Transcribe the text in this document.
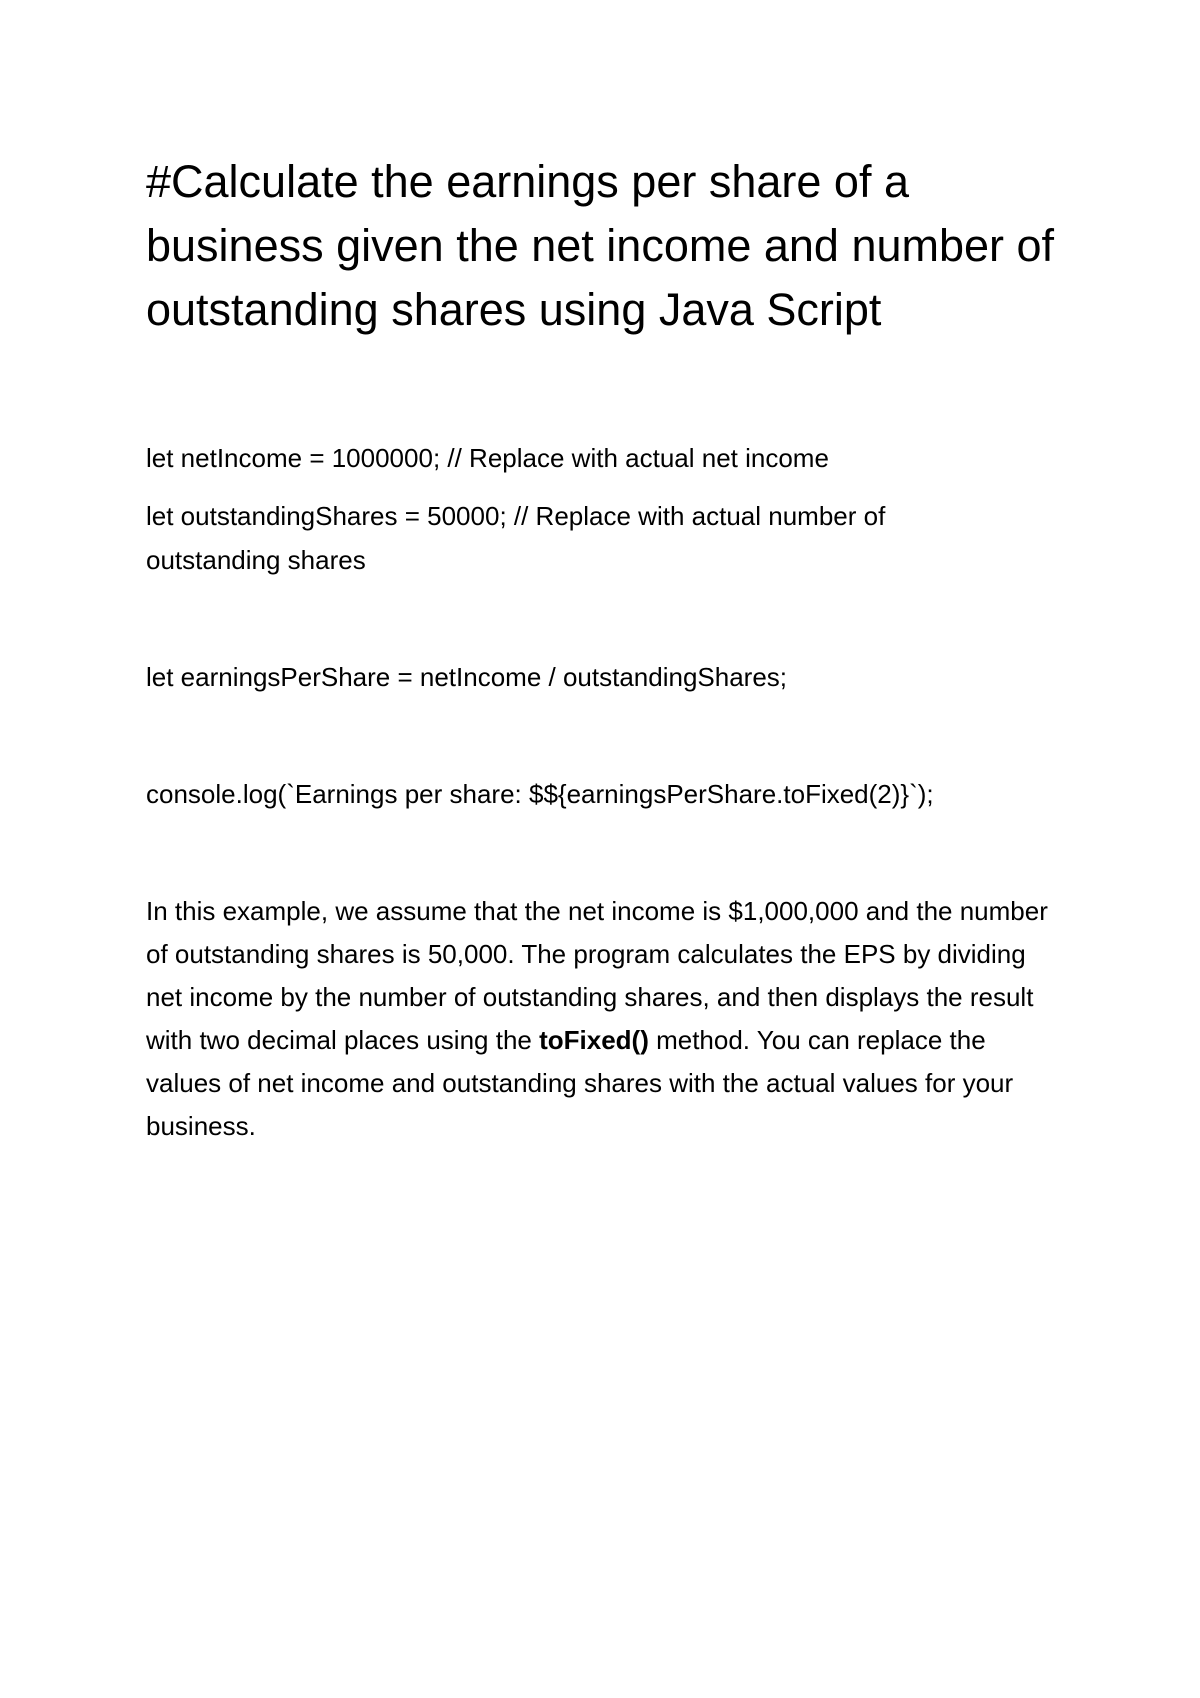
#Calculate the earnings per share of a business given the net income and number of outstanding shares using Java Script

let netIncome = 1000000; // Replace with actual net income

let outstandingShares = 50000; // Replace with actual number of outstanding shares

let earningsPerShare = netIncome / outstandingShares;

console.log(`Earnings per share: $${earningsPerShare.toFixed(2)}`);

In this example, we assume that the net income is $1,000,000 and the number of outstanding shares is 50,000. The program calculates the EPS by dividing net income by the number of outstanding shares, and then displays the result with two decimal places using the toFixed() method. You can replace the values of net income and outstanding shares with the actual values for your business.
